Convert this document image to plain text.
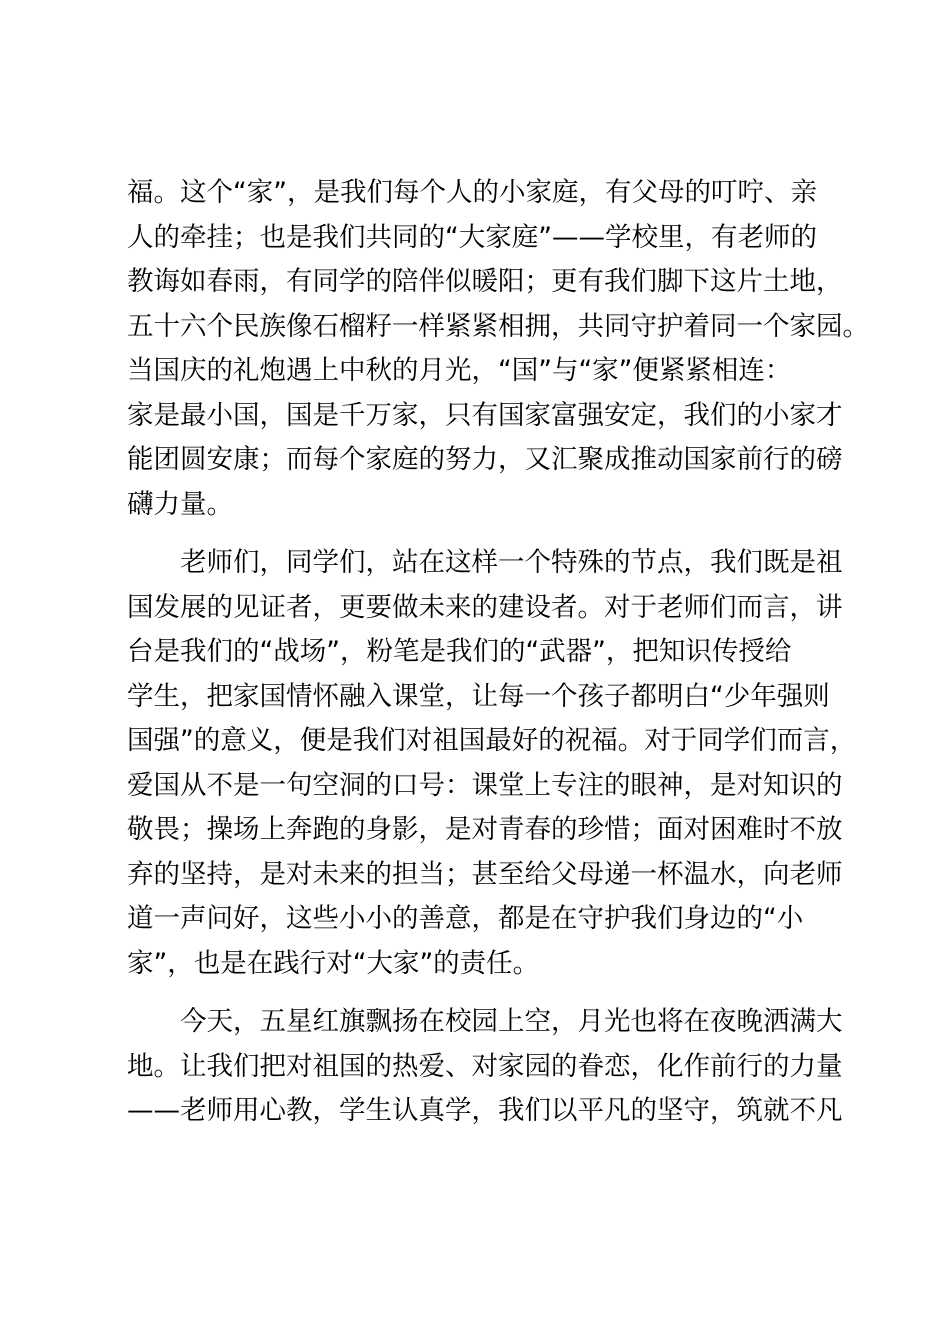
福。这个“家”，是我们每个人的小家庭，有父母的叮咛、亲
人的牵挂；也是我们共同的“大家庭”——学校里，有老师的
教诲如春雨，有同学的陪伴似暖阳；更有我们脚下这片土地，
五十六个民族像石榴籽一样紧紧相拥，共同守护着同一个家园。
当国庆的礼炮遇上中秋的月光，“国”与“家”便紧紧相连：
家是最小国，国是千万家，只有国家富强安定，我们的小家才
能团圆安康；而每个家庭的努力，又汇聚成推动国家前行的磅
礴力量。
　　老师们，同学们，站在这样一个特殊的节点，我们既是祖
国发展的见证者，更要做未来的建设者。对于老师们而言，讲
台是我们的“战场”，粉笔是我们的“武器”，把知识传授给
学生，把家国情怀融入课堂，让每一个孩子都明白“少年强则
国强”的意义，便是我们对祖国最好的祝福。对于同学们而言，
爱国从不是一句空洞的口号：课堂上专注的眼神，是对知识的
敬畏；操场上奔跑的身影，是对青春的珍惜；面对困难时不放
弃的坚持，是对未来的担当；甚至给父母递一杯温水，向老师
道一声问好，这些小小的善意，都是在守护我们身边的“小
家”，也是在践行对“大家”的责任。
　　今天，五星红旗飘扬在校园上空，月光也将在夜晚洒满大
地。让我们把对祖国的热爱、对家园的眷恋，化作前行的力量
——老师用心教，学生认真学，我们以平凡的坚守，筑就不凡
